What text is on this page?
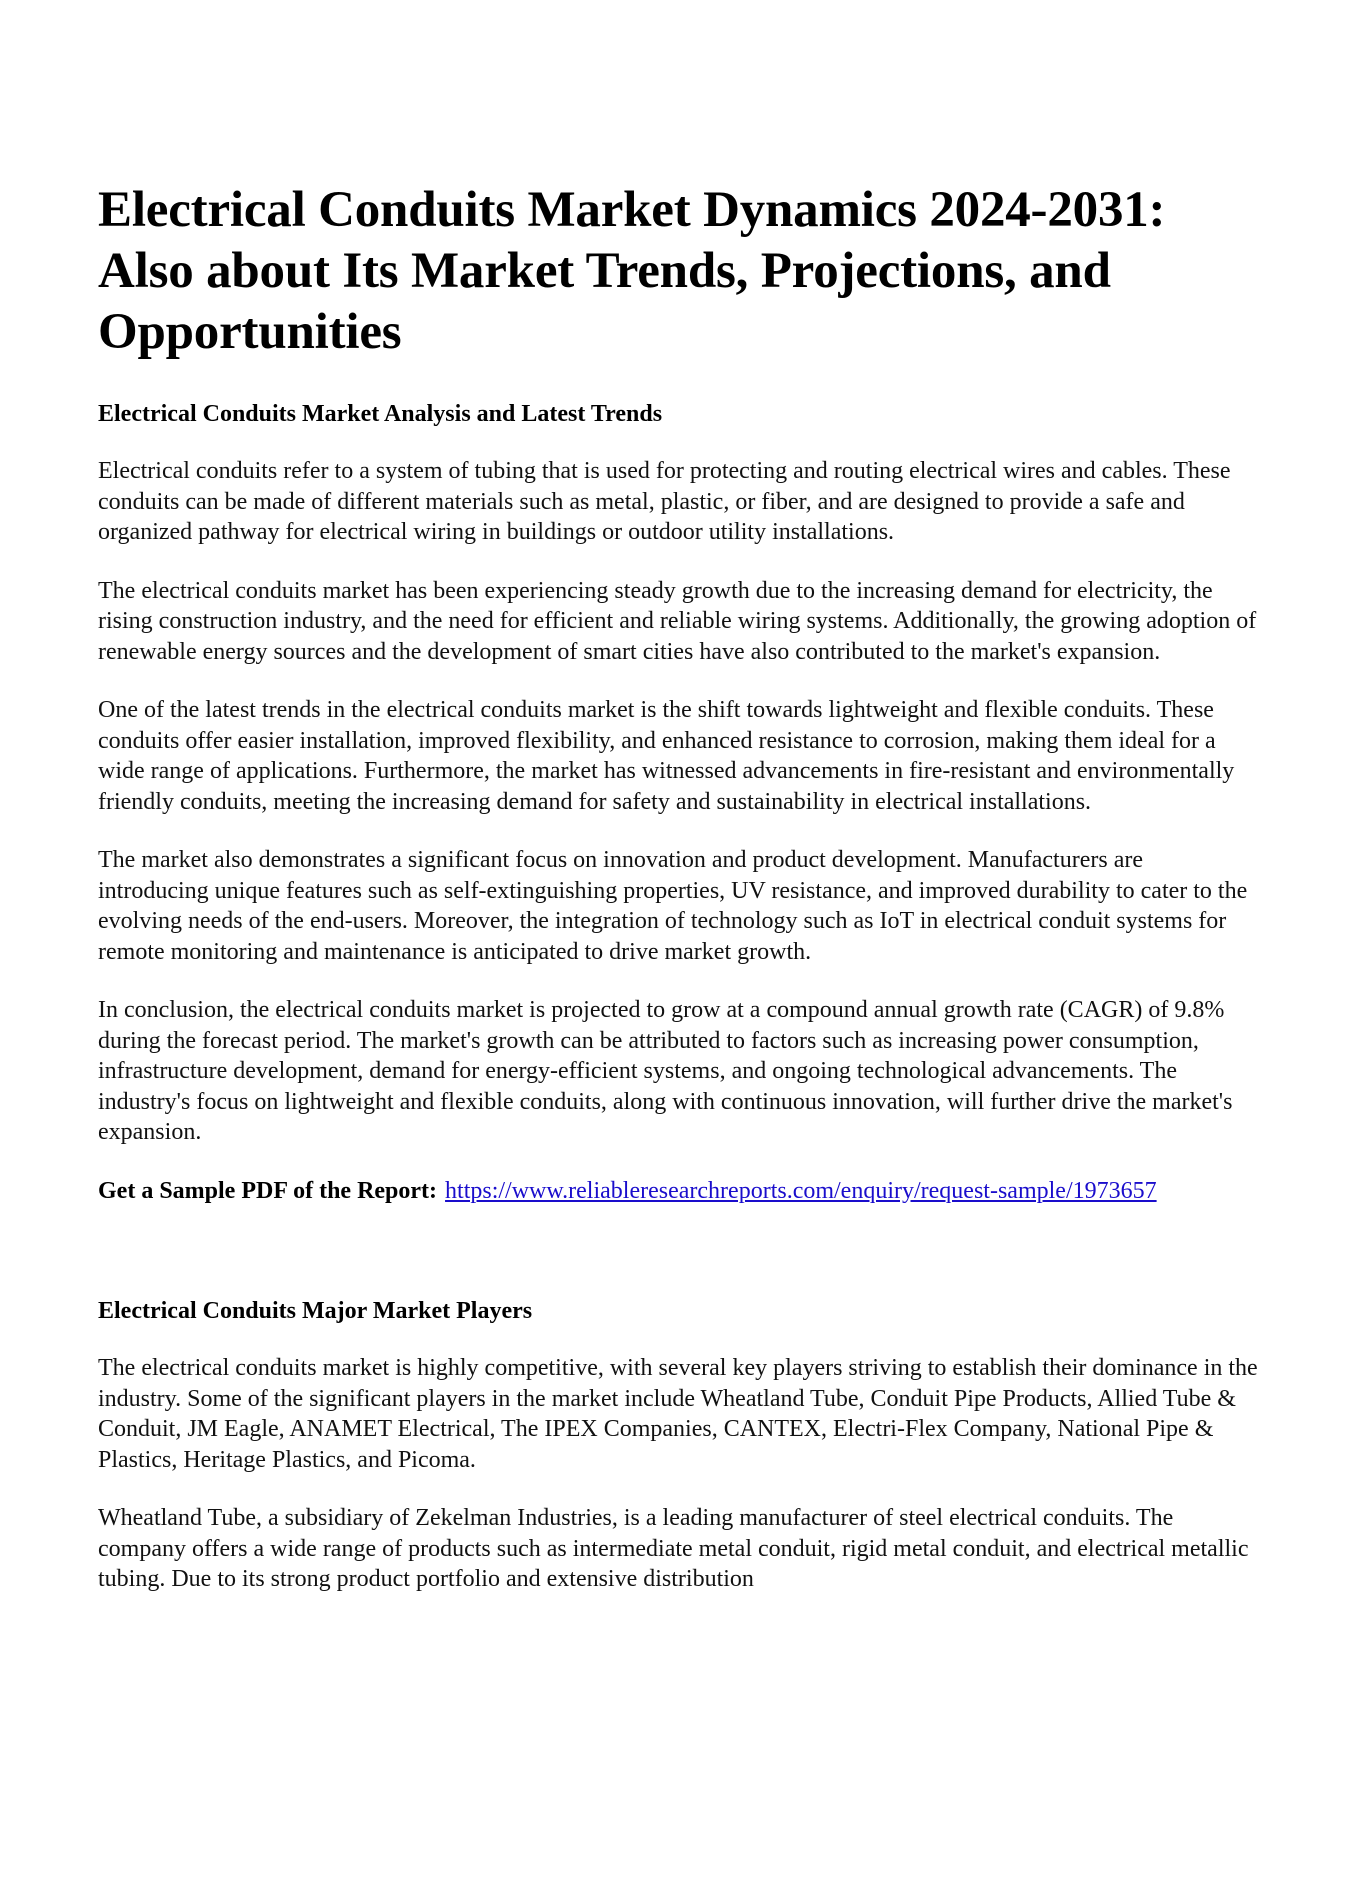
Electrical Conduits Market Dynamics 2024-2031: Also about Its Market Trends, Projections, and Opportunities
Electrical Conduits Market Analysis and Latest Trends

Electrical conduits refer to a system of tubing that is used for protecting and routing electrical wires and cables. These conduits can be made of different materials such as metal, plastic, or fiber, and are designed to provide a safe and organized pathway for electrical wiring in buildings or outdoor utility installations.

The electrical conduits market has been experiencing steady growth due to the increasing demand for electricity, the rising construction industry, and the need for efficient and reliable wiring systems. Additionally, the growing adoption of renewable energy sources and the development of smart cities have also contributed to the market's expansion.

One of the latest trends in the electrical conduits market is the shift towards lightweight and flexible conduits. These conduits offer easier installation, improved flexibility, and enhanced resistance to corrosion, making them ideal for a wide range of applications. Furthermore, the market has witnessed advancements in fire-resistant and environmentally friendly conduits, meeting the increasing demand for safety and sustainability in electrical installations.

The market also demonstrates a significant focus on innovation and product development. Manufacturers are introducing unique features such as self-extinguishing properties, UV resistance, and improved durability to cater to the evolving needs of the end-users. Moreover, the integration of technology such as IoT in electrical conduit systems for remote monitoring and maintenance is anticipated to drive market growth.

In conclusion, the electrical conduits market is projected to grow at a compound annual growth rate (CAGR) of 9.8% during the forecast period. The market's growth can be attributed to factors such as increasing power consumption, infrastructure development, demand for energy-efficient systems, and ongoing technological advancements. The industry's focus on lightweight and flexible conduits, along with continuous innovation, will further drive the market's expansion.

Get a Sample PDF of the Report: https://www.reliableresearchreports.com/enquiry/request-sample/1973657

Electrical Conduits Major Market Players

The electrical conduits market is highly competitive, with several key players striving to establish their dominance in the industry. Some of the significant players in the market include Wheatland Tube, Conduit Pipe Products, Allied Tube & Conduit, JM Eagle, ANAMET Electrical, The IPEX Companies, CANTEX, Electri-Flex Company, National Pipe & Plastics, Heritage Plastics, and Picoma.

Wheatland Tube, a subsidiary of Zekelman Industries, is a leading manufacturer of steel electrical conduits. The company offers a wide range of products such as intermediate metal conduit, rigid metal conduit, and electrical metallic tubing. Due to its strong product portfolio and extensive distribution
